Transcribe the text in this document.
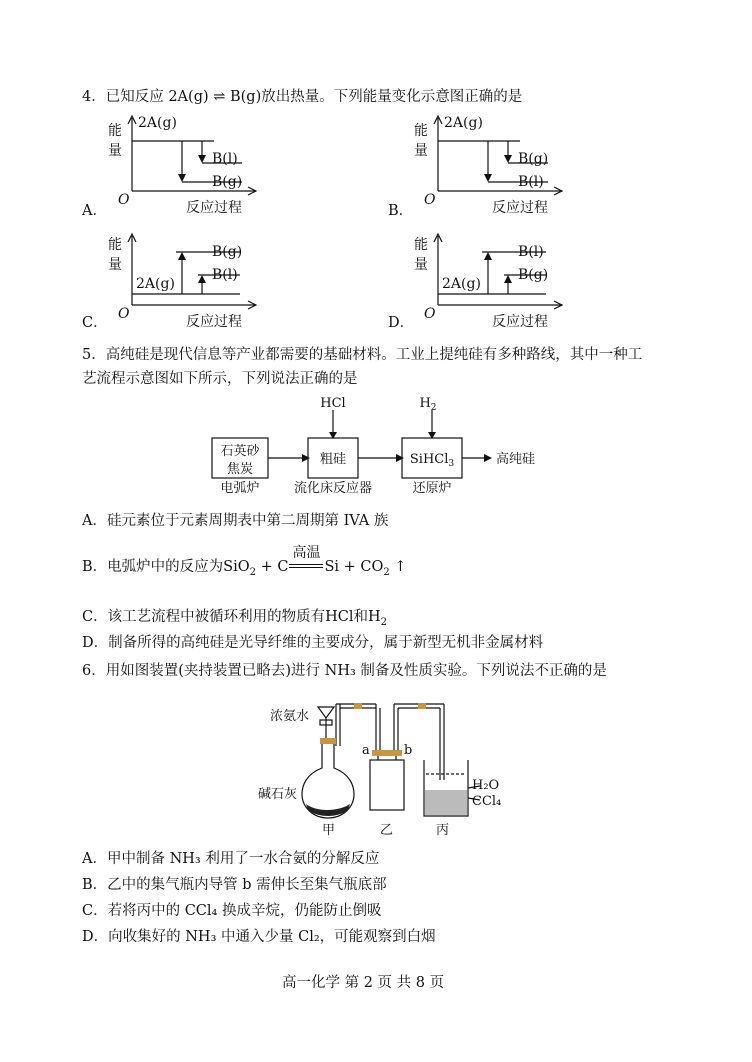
4．已知反应 2A(g) ⇌ B(g)放出热量。下列能量变化示意图正确的是
能
量
2A(g)
B(l)
B(g)
O	反应过程
A．
能
量
2A(g)
B(g)
B(l)
O	反应过程
B．
能
量
2A(g)
B(g)
B(l)
O	反应过程
C．
能
量
2A(g)
B(l)
B(g)
O	反应过程
D．
5．高纯硅是现代信息等产业都需要的基础材料。工业上提纯硅有多种路线，其中一种工
艺流程示意图如下所示，下列说法正确的是
石英砂
焦炭
电弧炉
粗硅
流化床反应器
HCl
SiHCl$_3$
还原炉
$H_2$
高纯硅
A．硅元素位于元素周期表中第二周期第 IVA 族
B．电弧炉中的反应为SiO$_2$ + C
高温
$Si + CO_2$ ↑
C．该工艺流程中被循环利用的物质有HCl和$H_2$
D．制备所得的高纯硅是光导纤维的主要成分，属于新型无机非金属材料
6．用如图装置(夹持装置已略去)进行 NH₃ 制备及性质实验。下列说法不正确的是
浓氨水
碱石灰
a	b
H₂O
CCl₄
甲	乙	丙
A．甲中制备 NH₃ 利用了一水合氨的分解反应
B．乙中的集气瓶内导管 b 需伸长至集气瓶底部
C．若将丙中的 CCl₄ 换成辛烷，仍能防止倒吸
D．向收集好的 NH₃ 中通入少量 Cl₂，可能观察到白烟
高一化学 第 2 页 共 8 页
